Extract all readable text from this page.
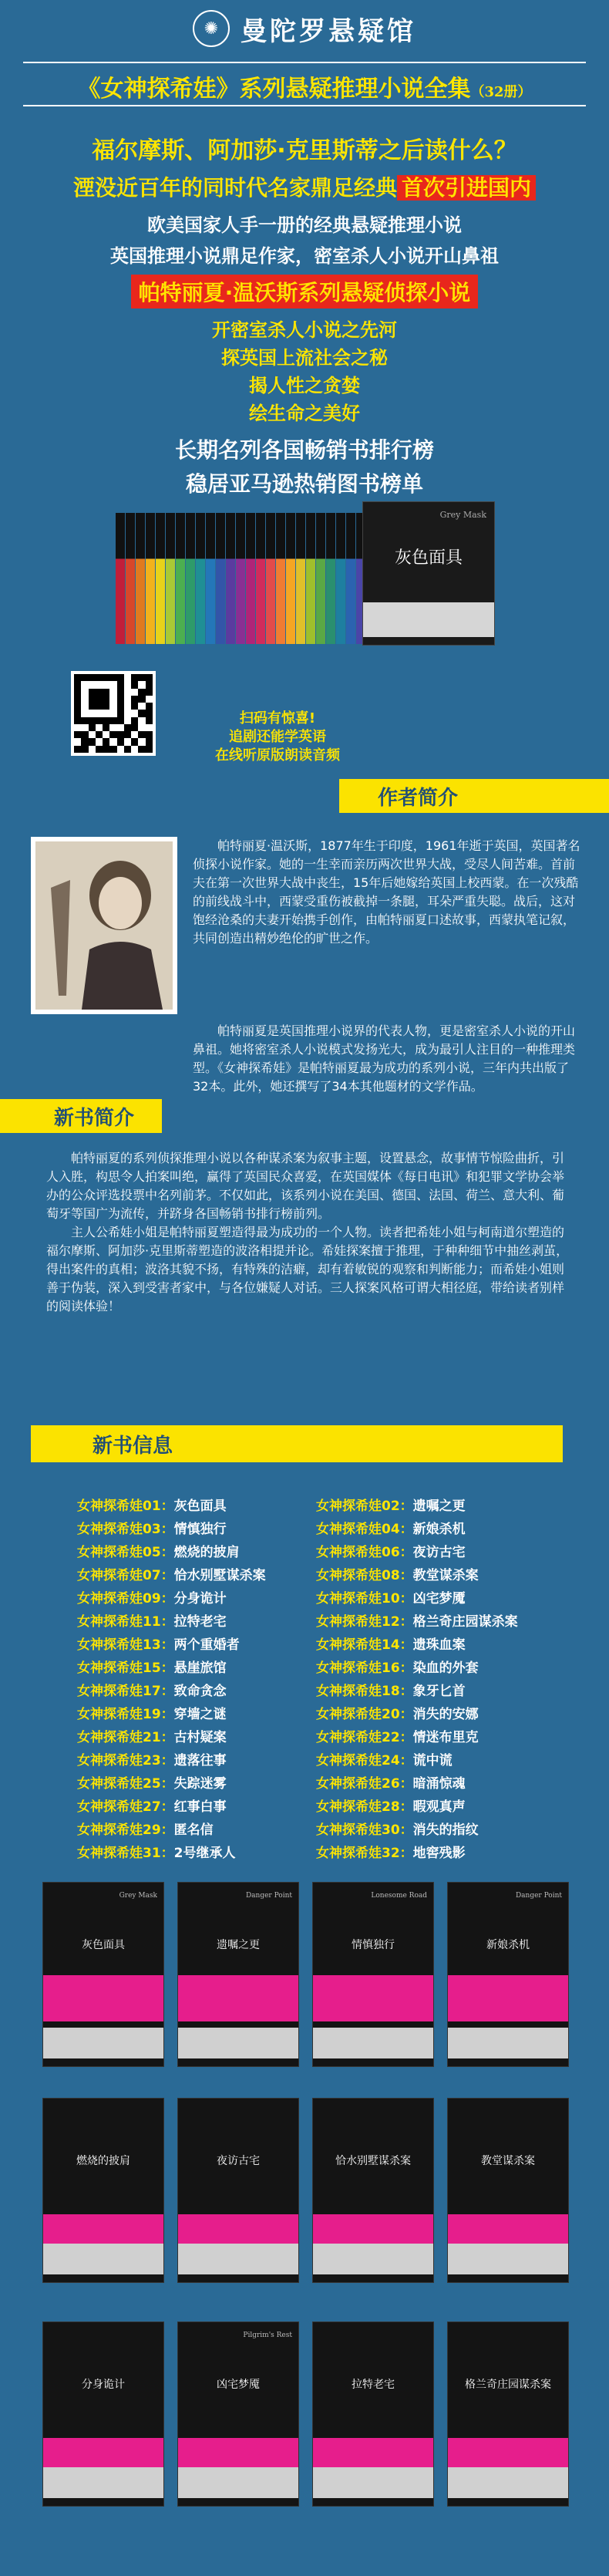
✺ 曼陀罗悬疑馆
《女神探希娃》系列悬疑推理小说全集（32册）
福尔摩斯、阿加莎·克里斯蒂之后读什么？
湮没近百年的同时代名家鼎足经典 首次引进国内
欧美国家人手一册的经典悬疑推理小说
英国推理小说鼎足作家，密室杀人小说开山鼻祖
帕特丽夏·温沃斯系列悬疑侦探小说
开密室杀人小说之先河
探英国上流社会之秘
揭人性之贪婪
绘生命之美好
长期名列各国畅销书排行榜
稳居亚马逊热销图书榜单
Grey Mask
灰色面具
扫码有惊喜!
追剧还能学英语
在线听原版朗读音频
作者简介

帕特丽夏·温沃斯，1877年生于印度，1961年逝于英国，英国著名侦探小说作家。她的一生幸而亲历两次世界大战，受尽人间苦难。首前夫在第一次世界大战中丧生，15年后她嫁给英国上校西蒙。在一次残酷的前线战斗中，西蒙受重伤被截掉一条腿，耳朵严重失聪。战后，这对饱经沧桑的夫妻开始携手创作，由帕特丽夏口述故事，西蒙执笔记叙，共同创造出精妙绝伦的旷世之作。

帕特丽夏是英国推理小说界的代表人物，更是密室杀人小说的开山鼻祖。她将密室杀人小说模式发扬光大，成为最引人注目的一种推理类型。《女神探希娃》是帕特丽夏最为成功的系列小说，三年内共出版了32本。此外，她还撰写了34本其他题材的文学作品。

新书简介

帕特丽夏的系列侦探推理小说以各种谋杀案为叙事主题，设置悬念，故事情节惊险曲折，引人入胜，构思令人拍案叫绝，赢得了英国民众喜爱，在英国媒体《每日电讯》和犯罪文学协会举办的公众评选投票中名列前茅。不仅如此，该系列小说在美国、德国、法国、荷兰、意大利、葡萄牙等国广为流传，并跻身各国畅销书排行榜前列。

主人公希娃小姐是帕特丽夏塑造得最为成功的一个人物。读者把希娃小姐与柯南道尔塑造的福尔摩斯、阿加莎·克里斯蒂塑造的波洛相提并论。希娃探案擅于推理，于种种细节中抽丝剥茧，得出案件的真相；波洛其貌不扬，有特殊的洁癖，却有着敏锐的观察和判断能力；而希娃小姐则善于伪装，深入到受害者家中，与各位嫌疑人对话。三人探案风格可谓大相径庭，带给读者别样的阅读体验！

新书信息
女神探希娃01：灰色面具	女神探希娃02：遗嘱之更
女神探希娃03：情慎独行	女神探希娃04：新娘杀机
女神探希娃05：燃烧的披肩	女神探希娃06：夜访古宅
女神探希娃07：恰水别墅谋杀案	女神探希娃08：教堂谋杀案
女神探希娃09：分身诡计	女神探希娃10：凶宅梦魇
女神探希娃11：拉特老宅	女神探希娃12：格兰奇庄园谋杀案
女神探希娃13：两个重婚者	女神探希娃14：遗珠血案
女神探希娃15：悬崖旅馆	女神探希娃16：染血的外套
女神探希娃17：致命贪念	女神探希娃18：象牙匕首
女神探希娃19：穿墙之谜	女神探希娃20：消失的安娜
女神探希娃21：古村疑案	女神探希娃22：情迷布里克
女神探希娃23：遗落往事	女神探希娃24：谎中谎
女神探希娃25：失踪迷雾	女神探希娃26：暗涌惊魂
女神探希娃27：红事白事	女神探希娃28：暇观真声
女神探希娃29：匿名信	女神探希娃30：消失的指纹
女神探希娃31：2号继承人	女神探希娃32：地窖残影
Grey Mask
灰色面具
Danger Point
遗嘱之更
Lonesome Road
情慎独行
Danger Point
新娘杀机
燃烧的披肩	夜访古宅	恰水别墅谋杀案	教堂谋杀案
分身诡计
Pilgrim's Rest
凶宅梦魇	拉特老宅	格兰奇庄园谋杀案
